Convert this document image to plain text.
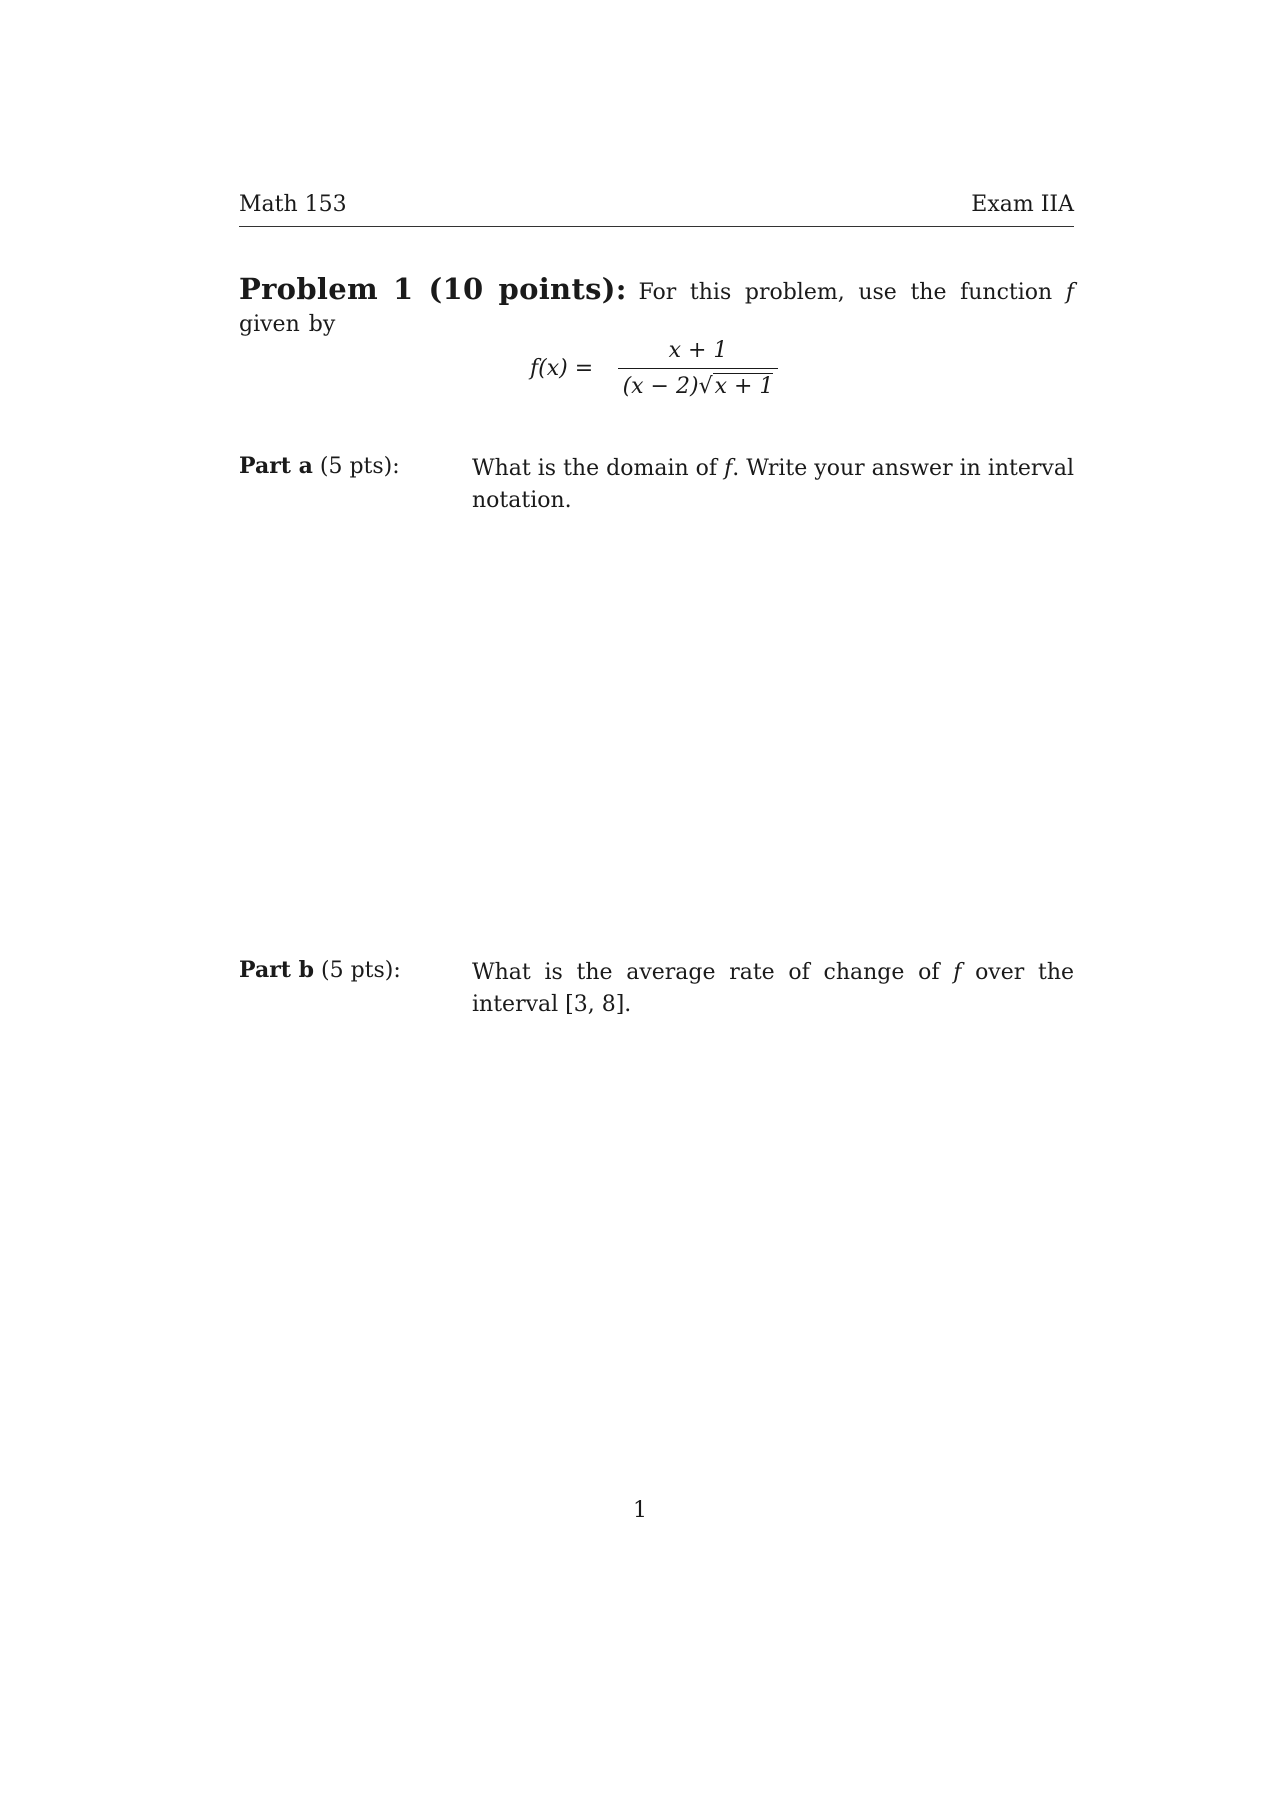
Math 153	Exam IIA
Problem 1 (10 points): For this problem, use the function f given by
f(x) =
x + 1
(x − 2)√x + 1
Part a (5 pts):	What is the domain of f. Write your answer in interval notation.
Part b (5 pts):	What is the average rate of change of f over the interval [3, 8].
1
